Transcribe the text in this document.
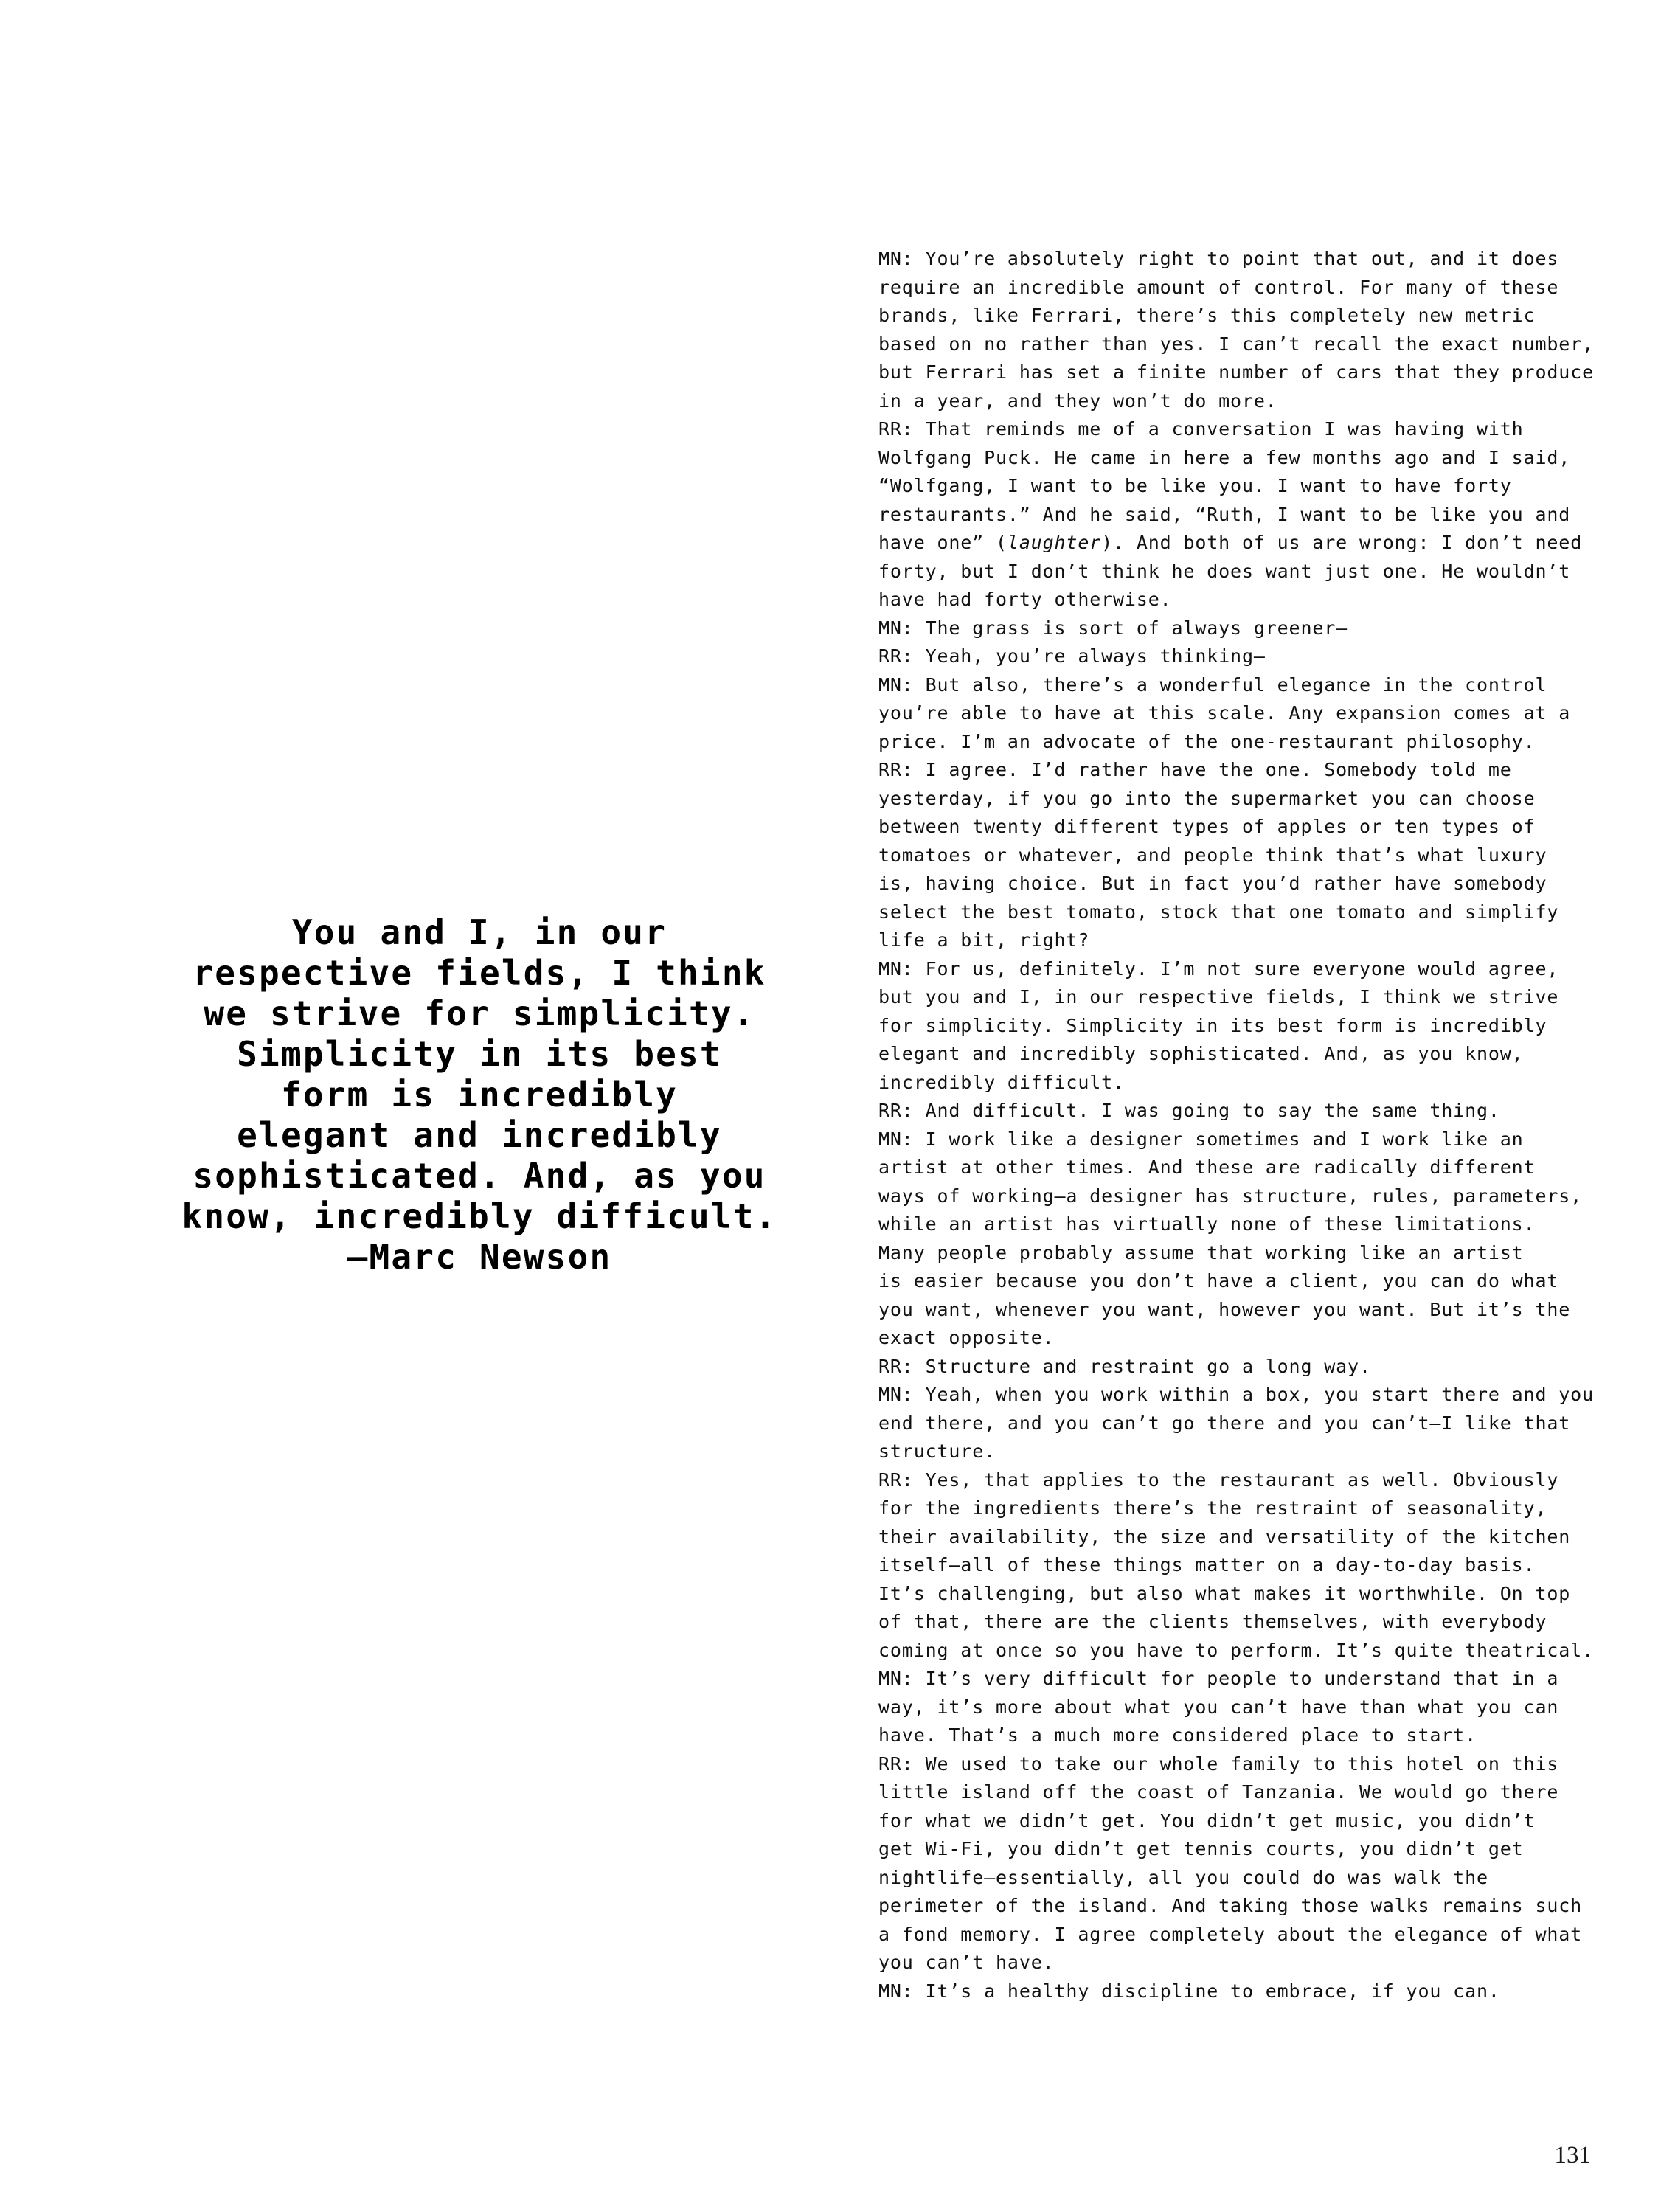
You and I, in our
respective fields, I think
we strive for simplicity.
Simplicity in its best
form is incredibly
elegant and incredibly
sophisticated. And, as you
know, incredibly difficult.
—Marc Newson
MN: You’re absolutely right to point that out, and it does
require an incredible amount of control. For many of these
brands, like Ferrari, there’s this completely new metric
based on no rather than yes. I can’t recall the exact number,
but Ferrari has set a finite number of cars that they produce
in a year, and they won’t do more.
RR: That reminds me of a conversation I was having with
Wolfgang Puck. He came in here a few months ago and I said,
“Wolfgang, I want to be like you. I want to have forty
restaurants.” And he said, “Ruth, I want to be like you and
have one” (laughter). And both of us are wrong: I don’t need
forty, but I don’t think he does want just one. He wouldn’t
have had forty otherwise.
MN: The grass is sort of always greener—
RR: Yeah, you’re always thinking—
MN: But also, there’s a wonderful elegance in the control
you’re able to have at this scale. Any expansion comes at a
price. I’m an advocate of the one-restaurant philosophy.
RR: I agree. I’d rather have the one. Somebody told me
yesterday, if you go into the supermarket you can choose
between twenty different types of apples or ten types of
tomatoes or whatever, and people think that’s what luxury
is, having choice. But in fact you’d rather have somebody
select the best tomato, stock that one tomato and simplify
life a bit, right?
MN: For us, definitely. I’m not sure everyone would agree,
but you and I, in our respective fields, I think we strive
for simplicity. Simplicity in its best form is incredibly
elegant and incredibly sophisticated. And, as you know,
incredibly difficult.
RR: And difficult. I was going to say the same thing.
MN: I work like a designer sometimes and I work like an
artist at other times. And these are radically different
ways of working—a designer has structure, rules, parameters,
while an artist has virtually none of these limitations.
Many people probably assume that working like an artist
is easier because you don’t have a client, you can do what
you want, whenever you want, however you want. But it’s the
exact opposite.
RR: Structure and restraint go a long way.
MN: Yeah, when you work within a box, you start there and you
end there, and you can’t go there and you can’t—I like that
structure.
RR: Yes, that applies to the restaurant as well. Obviously
for the ingredients there’s the restraint of seasonality,
their availability, the size and versatility of the kitchen
itself—all of these things matter on a day-to-day basis.
It’s challenging, but also what makes it worthwhile. On top
of that, there are the clients themselves, with everybody
coming at once so you have to perform. It’s quite theatrical.
MN: It’s very difficult for people to understand that in a
way, it’s more about what you can’t have than what you can
have. That’s a much more considered place to start.
RR: We used to take our whole family to this hotel on this
little island off the coast of Tanzania. We would go there
for what we didn’t get. You didn’t get music, you didn’t
get Wi-Fi, you didn’t get tennis courts, you didn’t get
nightlife—essentially, all you could do was walk the
perimeter of the island. And taking those walks remains such
a fond memory. I agree completely about the elegance of what
you can’t have.
MN: It’s a healthy discipline to embrace, if you can.
131
